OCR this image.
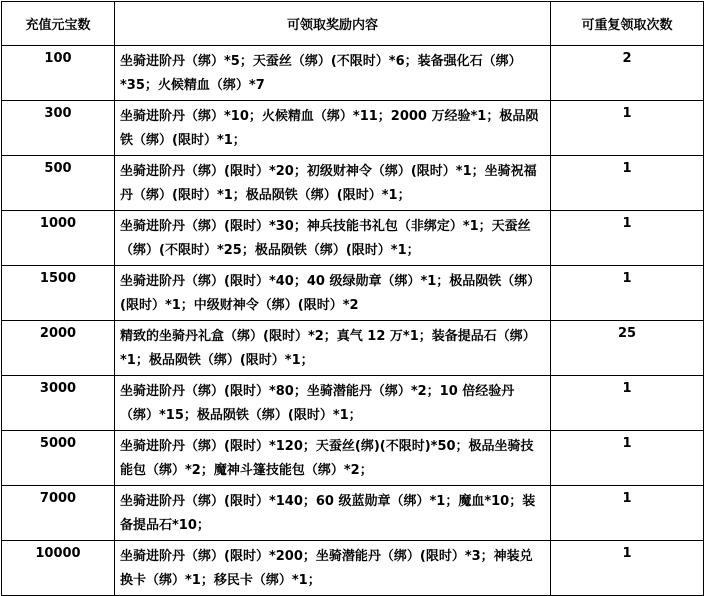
充值元宝数	可领取奖励内容	可重复领取次数
100	坐骑进阶丹（绑）*5；天蚕丝（绑）(不限时）*6；装备强化石（绑）*35；火候精血（绑）*7	2
300	坐骑进阶丹（绑）*10；火候精血（绑）*11；2000 万经验*1；极品陨铁（绑）(限时）*1；	1
500	坐骑进阶丹（绑）(限时）*20；初级财神令（绑）(限时）*1；坐骑祝福丹（绑）(限时）*1；极品陨铁（绑）(限时）*1；	1
1000	坐骑进阶丹（绑）(限时）*30；神兵技能书礼包（非绑定）*1；天蚕丝（绑）(不限时）*25；极品陨铁（绑）(限时）*1；	1
1500	坐骑进阶丹（绑）(限时）*40；40 级绿勋章（绑）*1；极品陨铁（绑）(限时）*1；中级财神令（绑）(限时）*2	1
2000	精致的坐骑丹礼盒（绑）(限时）*2；真气 12 万*1；装备提品石（绑）*1；极品陨铁（绑）(限时）*1；	25
3000	坐骑进阶丹（绑）(限时）*80；坐骑潜能丹（绑）*2；10 倍经验丹（绑）*15；极品陨铁（绑）(限时）*1；	1
5000	坐骑进阶丹（绑）(限时）*120；天蚕丝(绑)(不限时)*50；极品坐骑技能包（绑）*2；魔神斗篷技能包（绑）*2；	1
7000	坐骑进阶丹（绑）(限时）*140；60 级蓝勋章（绑）*1；魔血*10；装备提品石*10；	1
10000	坐骑进阶丹（绑）(限时）*200；坐骑潜能丹（绑）(限时）*3；神装兑换卡（绑）*1；移民卡（绑）*1；	1
